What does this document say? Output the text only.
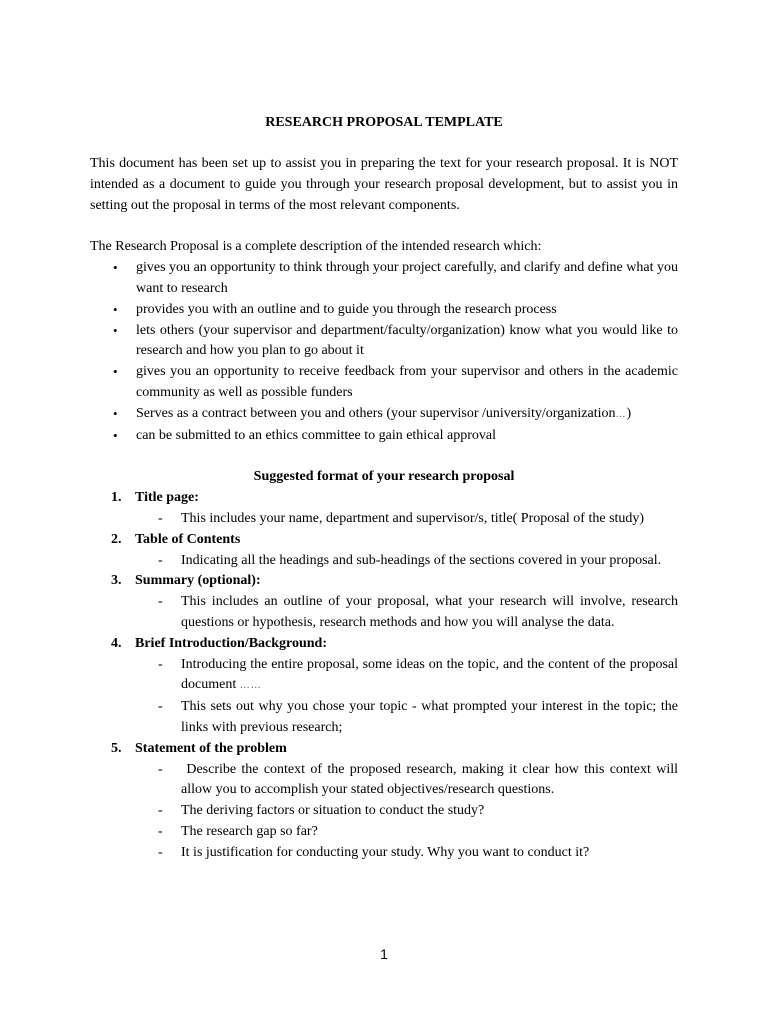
RESEARCH PROPOSAL TEMPLATE

This document has been set up to assist you in preparing the text for your research proposal. It is NOT intended as a document to guide you through your research proposal development, but to assist you in setting out the proposal in terms of the most relevant components.

The Research Proposal is a complete description of the intended research which:

• gives you an opportunity to think through your project carefully, and clarify and define what you want to research
• provides you with an outline and to guide you through the research process
• lets others (your supervisor and department/faculty/organization) know what you would like to research and how you plan to go about it
• gives you an opportunity to receive feedback from your supervisor and others in the academic community as well as possible funders
• Serves as a contract between you and others (your supervisor /university/organization…)
• can be submitted to an ethics committee to gain ethical approval
Suggested format of your research proposal
1. Title page:
- This includes your name, department and supervisor/s, title( Proposal of the study)
2. Table of Contents
- Indicating all the headings and sub-headings of the sections covered in your proposal.
3. Summary (optional):
- This includes an outline of your proposal, what your research will involve, research questions or hypothesis, research methods and how you will analyse the data.
4. Brief Introduction/Background:
- Introducing the entire proposal, some ideas on the topic, and the content of the proposal document ……
- This sets out why you chose your topic - what prompted your interest in the topic; the links with previous research;
5. Statement of the problem
- Describe the context of the proposed research, making it clear how this context will allow you to accomplish your stated objectives/research questions.
- The deriving factors or situation to conduct the study?
- The research gap so far?
- It is justification for conducting your study. Why you want to conduct it?
1
